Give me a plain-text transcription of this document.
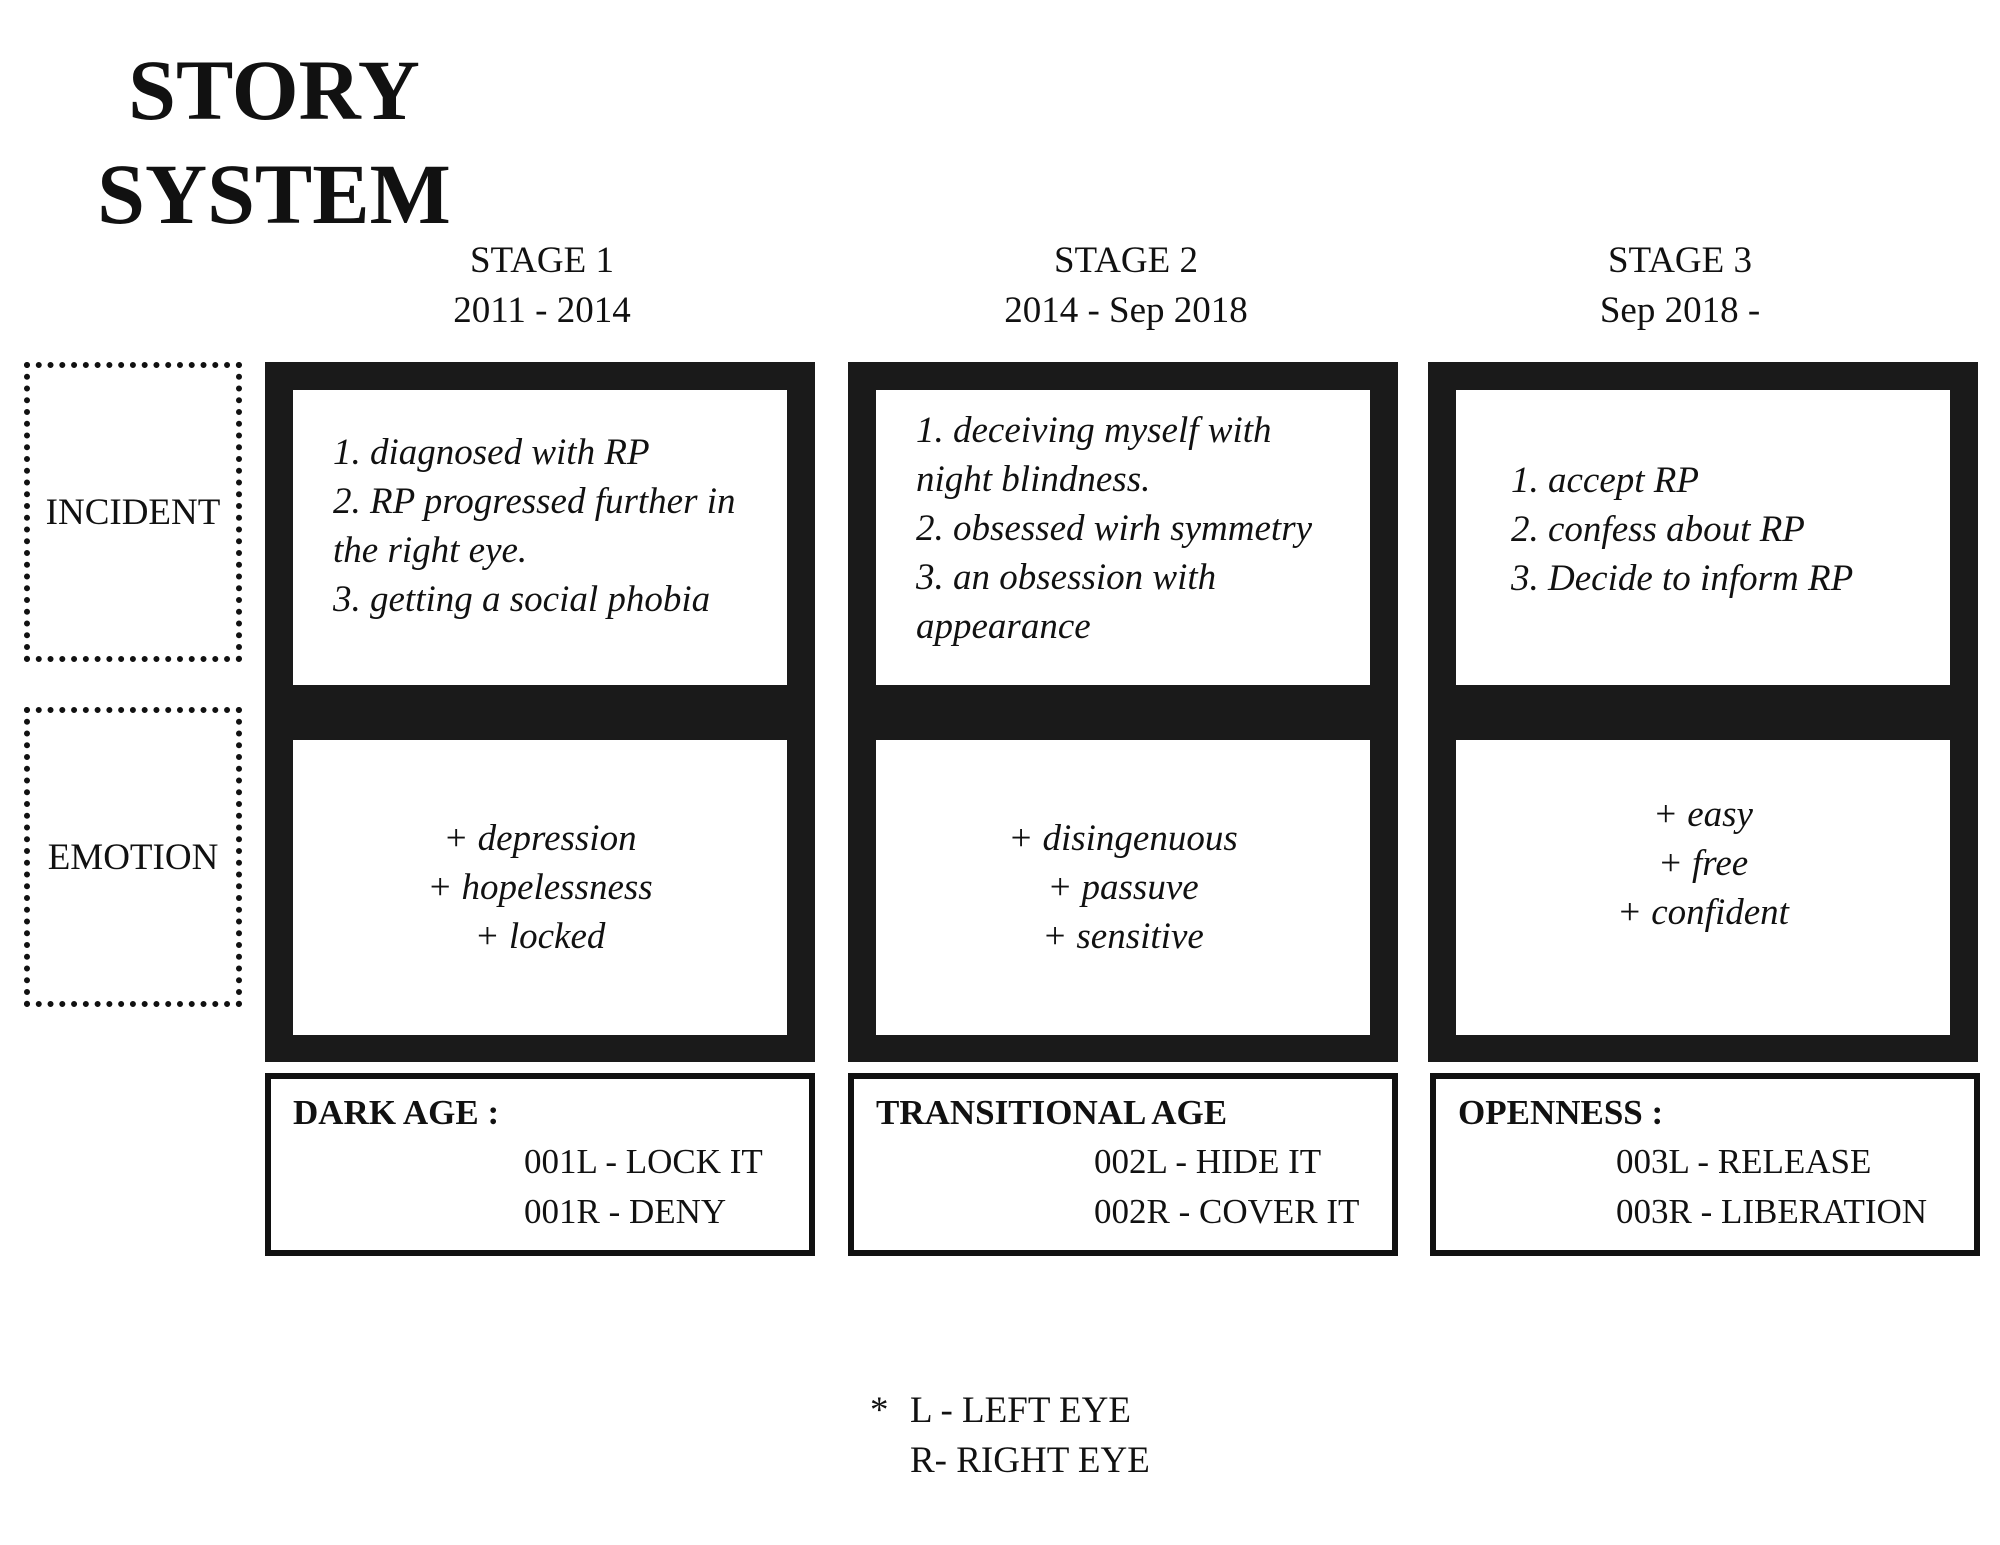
STORY
SYSTEM
STAGE 1
2011 - 2014
STAGE 2
2014 - Sep 2018
STAGE 3
Sep 2018 -
INCIDENT
EMOTION
1. diagnosed with RP
2. RP progressed further in
the right eye.
3. getting a social phobia
+ depression
+ hopelessness
+ locked
1. deceiving myself with
night blindness.
2. obsessed wirh symmetry
3. an obsession with
appearance
+ disingenuous
+ passuve
+ sensitive
1. accept RP
2. confess about RP
3. Decide to inform RP
+ easy
+ free
+ confident
DARK AGE :
001L - LOCK IT
001R - DENY
TRANSITIONAL AGE
002L - HIDE IT
002R - COVER IT
OPENNESS :
003L - RELEASE
003R - LIBERATION
* L - LEFT EYE
R- RIGHT EYE
